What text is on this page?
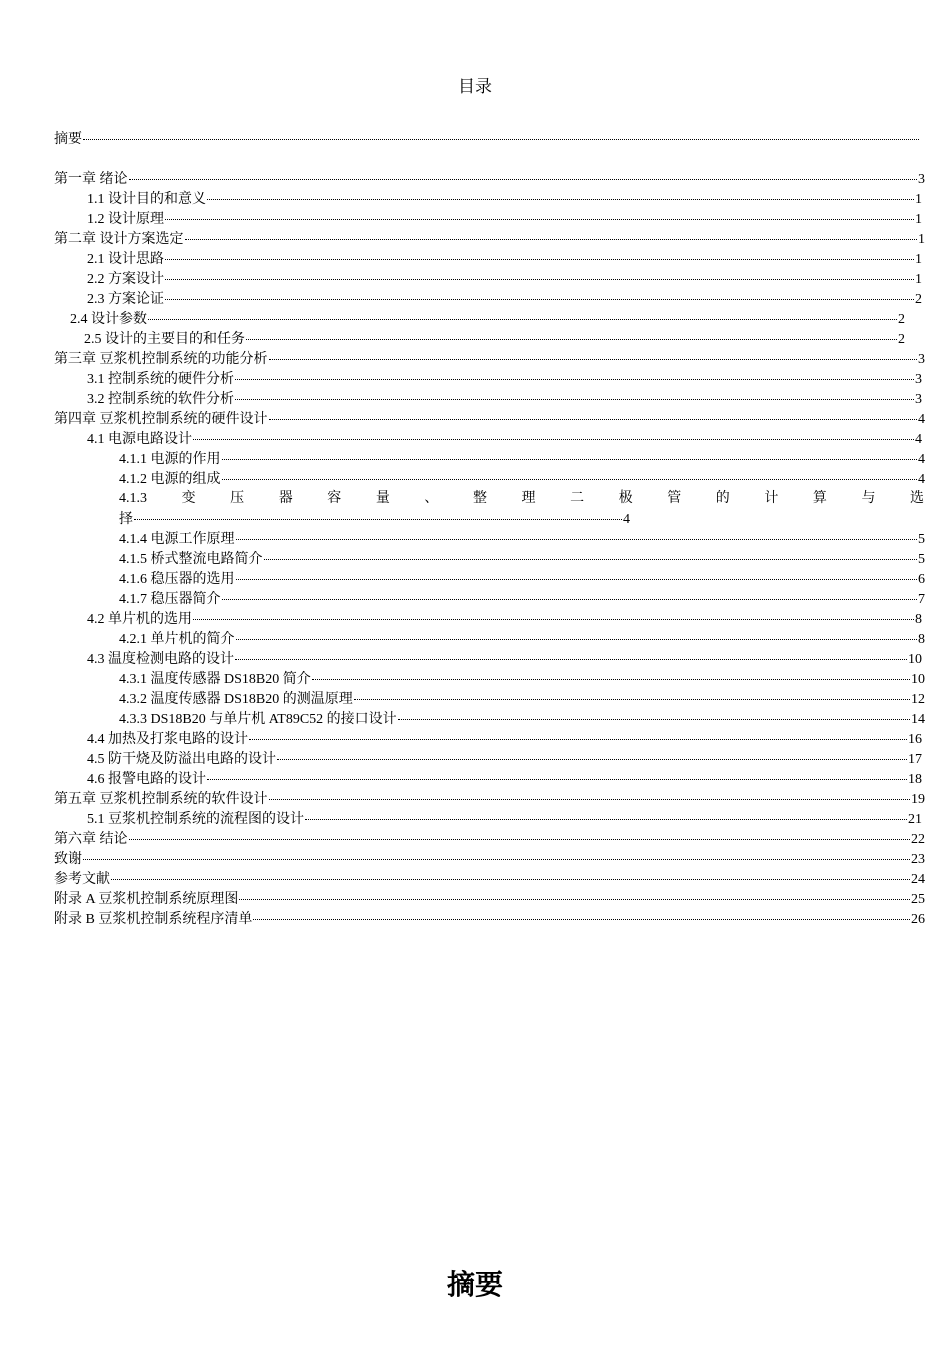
目录
摘要
第一章 绪论	3
1.1 设计目的和意义	1
1.2 设计原理	1
第二章 设计方案选定	1
2.1 设计思路	1
2.2 方案设计	1
2.3 方案论证	2
2.4 设计参数	2
2.5 设计的主要目的和任务	2
第三章 豆浆机控制系统的功能分析	3
3.1 控制系统的硬件分析	3
3.2 控制系统的软件分析	3
第四章 豆浆机控制系统的硬件设计	4
4.1 电源电路设计	4
4.1.1 电源的作用	4
4.1.2 电源的组成	4
4.1.3 变 压 器 容 量 、 整 理 二 极 管 的 计 算 与 选
择	4
4.1.4 电源工作原理	5
4.1.5 桥式整流电路简介	5
4.1.6 稳压器的选用	6
4.1.7 稳压器简介	7
4.2 单片机的选用	8
4.2.1 单片机的简介	8
4.3 温度检测电路的设计	10
4.3.1 温度传感器 DS18B20 简介	10
4.3.2 温度传感器 DS18B20 的测温原理	12
4.3.3 DS18B20 与单片机 AT89C52 的接口设计	14
4.4 加热及打浆电路的设计	16
4.5 防干烧及防溢出电路的设计	17
4.6 报警电路的设计	18
第五章 豆浆机控制系统的软件设计	19
5.1 豆浆机控制系统的流程图的设计	21
第六章 结论	22
致谢	23
参考文献	24
附录 A 豆浆机控制系统原理图	25
附录 B 豆浆机控制系统程序清单	26
摘要
